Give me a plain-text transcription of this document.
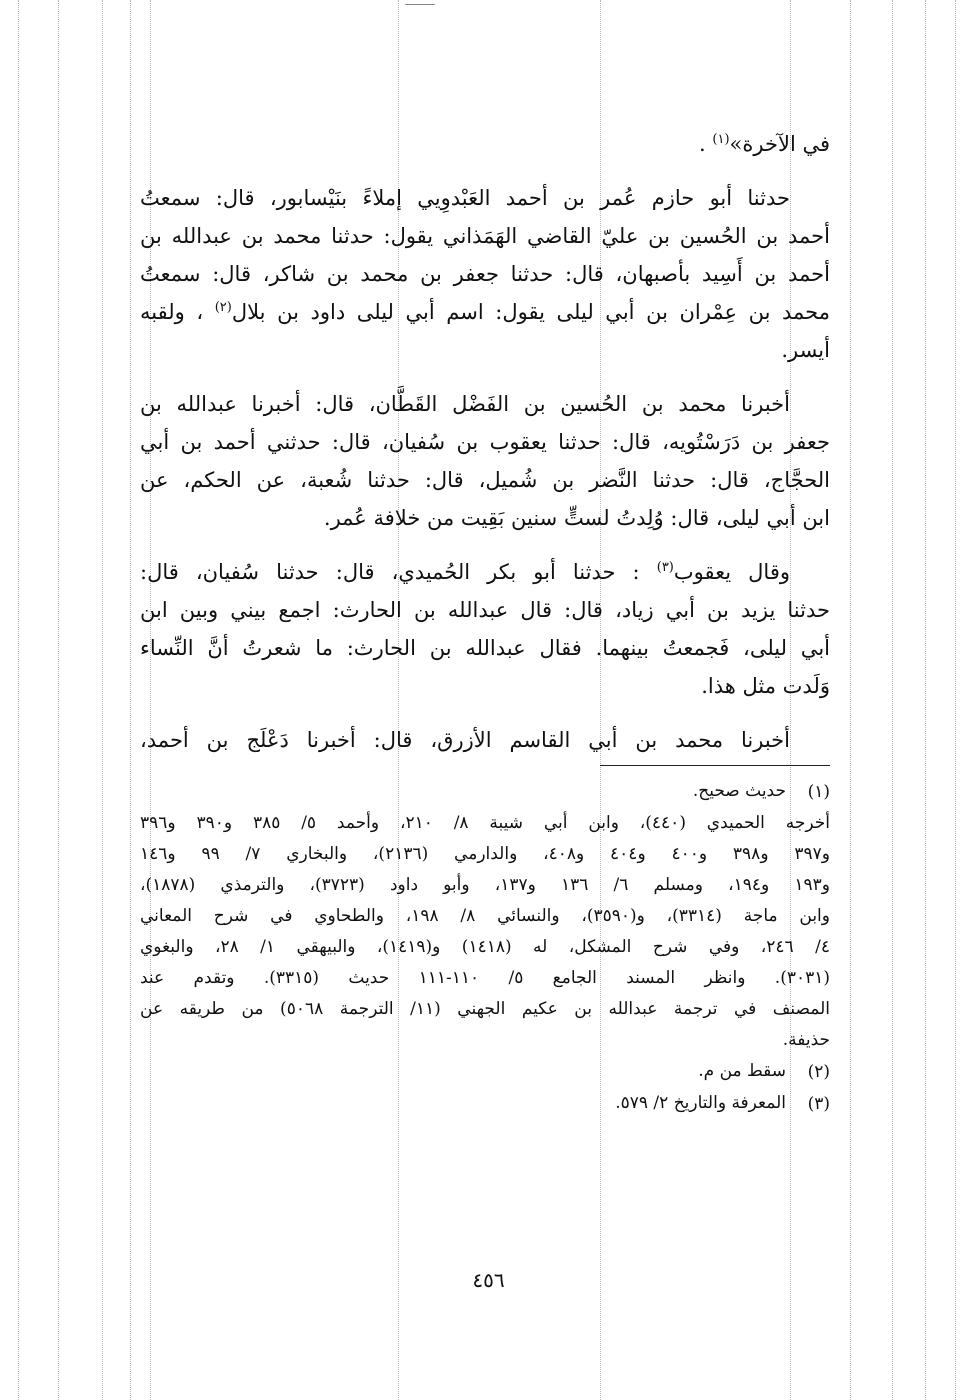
في الآخرة»$^{(١)}$ .

حدثنا أبو حازم عُمر بن أحمد العَبْدوِيي إملاءً بنَيْسابور، قال: سمعتُ

أحمد بن الحُسين بن عليّ القاضي الهَمَذاني يقول: حدثنا محمد بن عبدالله بن

أحمد بن أَسِيد بأصبهان، قال: حدثنا جعفر بن محمد بن شاكر، قال: سمعتُ

محمد بن عِمْران بن أبي ليلى يقول: اسم أبي ليلى داود بن بلال$^{(٢)}$ ، ولقبه

أيسر.

أخبرنا محمد بن الحُسين بن الفَضْل القَطَّان، قال: أخبرنا عبدالله بن

جعفر بن دَرَسْتُويه، قال: حدثنا يعقوب بن سُفيان، قال: حدثني أحمد بن أبي

الحجَّاج، قال: حدثنا النَّضر بن شُميل، قال: حدثنا شُعبة، عن الحكم، عن

ابن أبي ليلى، قال: وُلِدتُ لستٍّ سنين بَقِيت من خلافة عُمر.

وقال يعقوب$^{(٣)}$ : حدثنا أبو بكر الحُميدي، قال: حدثنا سُفيان، قال:

حدثنا يزيد بن أبي زياد، قال: قال عبدالله بن الحارث: اجمع بيني وبين ابن

أبي ليلى، فَجمعتُ بينهما. فقال عبدالله بن الحارث: ما شعرتُ أنَّ النِّساء

وَلَدت مثل هذا.

أخبرنا محمد بن أبي القاسم الأزرق، قال: أخبرنا دَعْلَج بن أحمد،

(١)

حديث صحيح.

أخرجه الحميدي (٤٤٠)، وابن أبي شيبة ٨/ ٢١٠، وأحمد ٥/ ٣٨٥ و٣٩٠ و٣٩٦

و٣٩٧ و٣٩٨ و٤٠٠ و٤٠٤ و٤٠٨، والدارمي (٢١٣٦)، والبخاري ٧/ ٩٩ و١٤٦

و١٩٣ و١٩٤، ومسلم ٦/ ١٣٦ و١٣٧، وأبو داود (٣٧٢٣)، والترمذي (١٨٧٨)،

وابن ماجة (٣٣١٤)، و(٣٥٩٠)، والنسائي ٨/ ١٩٨، والطحاوي في شرح المعاني

٤/ ٢٤٦، وفي شرح المشكل، له (١٤١٨) و(١٤١٩)، والبيهقي ١/ ٢٨، والبغوي

(٣٠٣١). وانظر المسند الجامع ٥/ ١١٠-١١١ حديث (٣٣١٥). وتقدم عند

المصنف في ترجمة عبدالله بن عكيم الجهني (١١/ الترجمة ٥٠٦٨) من طريقه عن

حذيفة.

(٢)

سقط من م.

(٣)

المعرفة والتاريخ ٢/ ٥٧٩.

٤٥٦
